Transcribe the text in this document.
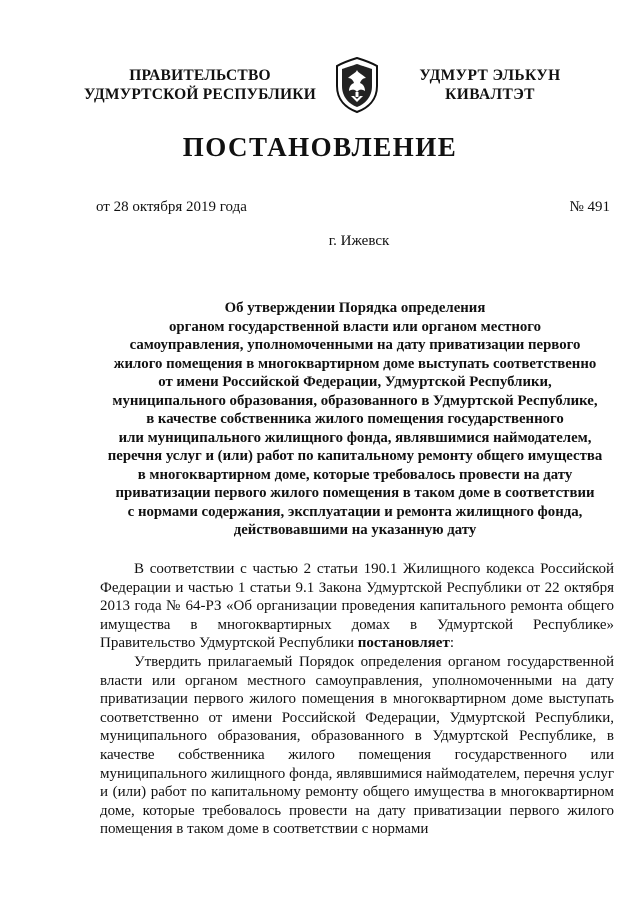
ПРАВИТЕЛЬСТВО
УДМУРТСКОЙ РЕСПУБЛИКИ
УДМУРТ ЭЛЬКУН
КИВАЛТЭТ
ПОСТАНОВЛЕНИЕ
от 28 октября 2019 года	№ 491
г. Ижевск
Об утверждении Порядка определения
органом государственной власти или органом местного
самоуправления, уполномоченными на дату приватизации первого
жилого помещения в многоквартирном доме выступать соответственно
от имени Российской Федерации, Удмуртской Республики,
муниципального образования, образованного в Удмуртской Республике,
в качестве собственника жилого помещения государственного
или муниципального жилищного фонда, являвшимися наймодателем,
перечня услуг и (или) работ по капитальному ремонту общего имущества
в многоквартирном доме, которые требовалось провести на дату
приватизации первого жилого помещения в таком доме в соответствии
с нормами содержания, эксплуатации и ремонта жилищного фонда,
действовавшими на указанную дату

В соответствии с частью 2 статьи 190.1 Жилищного кодекса Российской Федерации и частью 1 статьи 9.1 Закона Удмуртской Республики от 22 октября 2013 года № 64-РЗ «Об организации проведения капитального ремонта общего имущества в многоквартирных домах в Удмуртской Республике» Правительство Удмуртской Республики постановляет:

Утвердить прилагаемый Порядок определения органом государственной власти или органом местного самоуправления, уполномоченными на дату приватизации первого жилого помещения в многоквартирном доме выступать соответственно от имени Российской Федерации, Удмуртской Республики, муниципального образования, образованного в Удмуртской Республике, в качестве собственника жилого помещения государственного или муниципального жилищного фонда, являвшимися наймодателем, перечня услуг и (или) работ по капитальному ремонту общего имущества в многоквартирном доме, которые требовалось провести на дату приватизации первого жилого помещения в таком доме в соответствии с нормами
